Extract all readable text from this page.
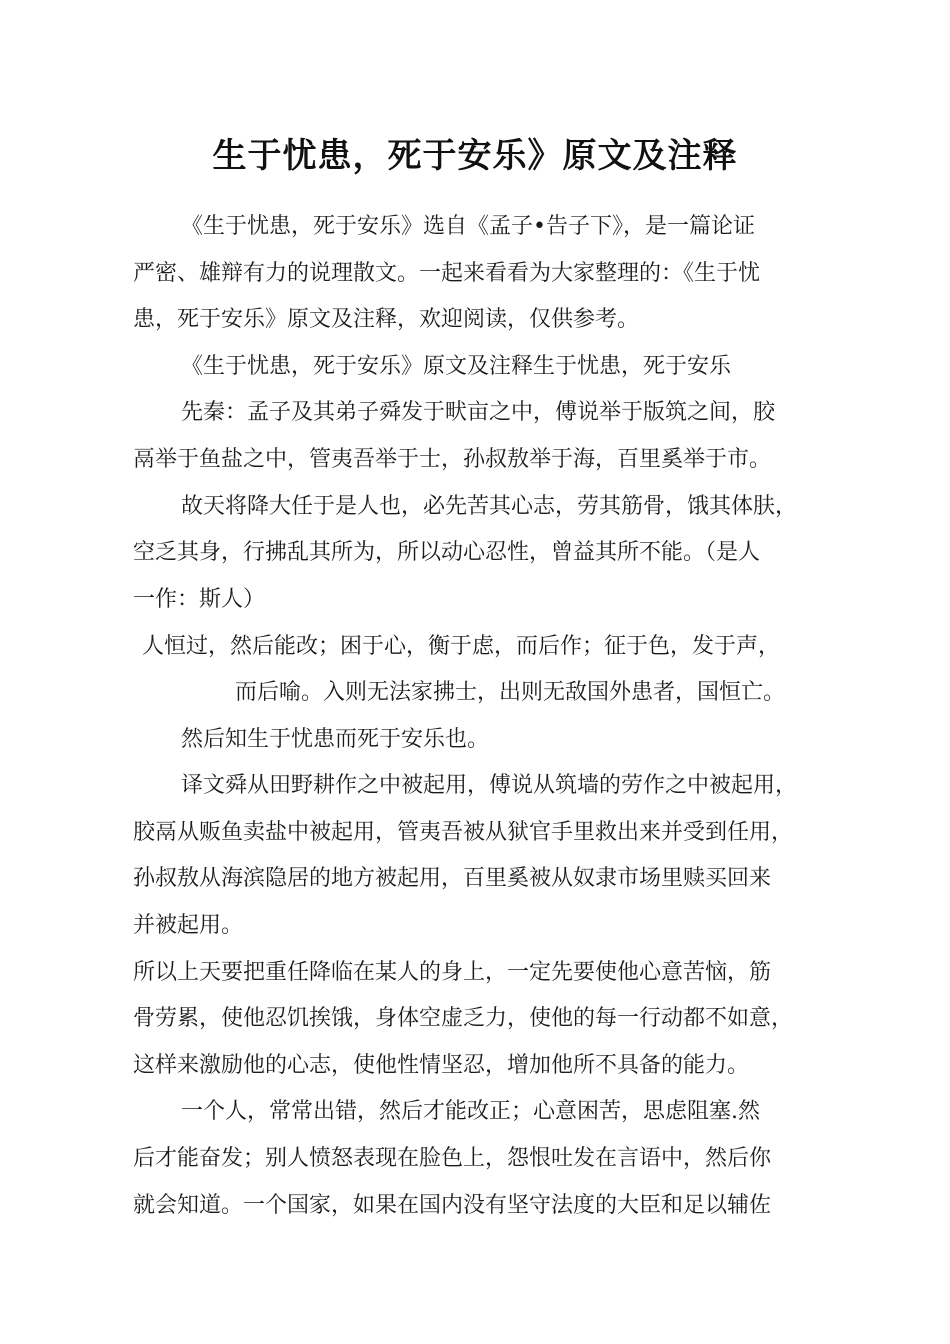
生于忧患，死于安乐》原文及注释
《生于忧患，死于安乐》选自《孟子•告子下》，是一篇论证
严密、雄辩有力的说理散文。一起来看看为大家整理的：《生于忧
患，死于安乐》原文及注释，欢迎阅读，仅供参考。
《生于忧患，死于安乐》原文及注释生于忧患，死于安乐
先秦：孟子及其弟子舜发于畎亩之中，傅说举于版筑之间，胶
鬲举于鱼盐之中，管夷吾举于士，孙叔敖举于海，百里奚举于市。
故天将降大任于是人也，必先苦其心志，劳其筋骨，饿其体肤，
空乏其身，行拂乱其所为，所以动心忍性，曾益其所不能。（是人
一作：斯人）
人恒过，然后能改；困于心，衡于虑，而后作；征于色，发于声，
而后喻。入则无法家拂士，出则无敌国外患者，国恒亡。
然后知生于忧患而死于安乐也。
译文舜从田野耕作之中被起用，傅说从筑墙的劳作之中被起用，
胶鬲从贩鱼卖盐中被起用，管夷吾被从狱官手里救出来并受到任用，
孙叔敖从海滨隐居的地方被起用，百里奚被从奴隶市场里赎买回来
并被起用。
所以上天要把重任降临在某人的身上，一定先要使他心意苦恼，筋
骨劳累，使他忍饥挨饿，身体空虚乏力，使他的每一行动都不如意，
这样来激励他的心志，使他性情坚忍，增加他所不具备的能力。
一个人，常常出错，然后才能改正；心意困苦，思虑阻塞.然
后才能奋发；别人愤怒表现在脸色上，怨恨吐发在言语中，然后你
就会知道。一个国家，如果在国内没有坚守法度的大臣和足以辅佐
